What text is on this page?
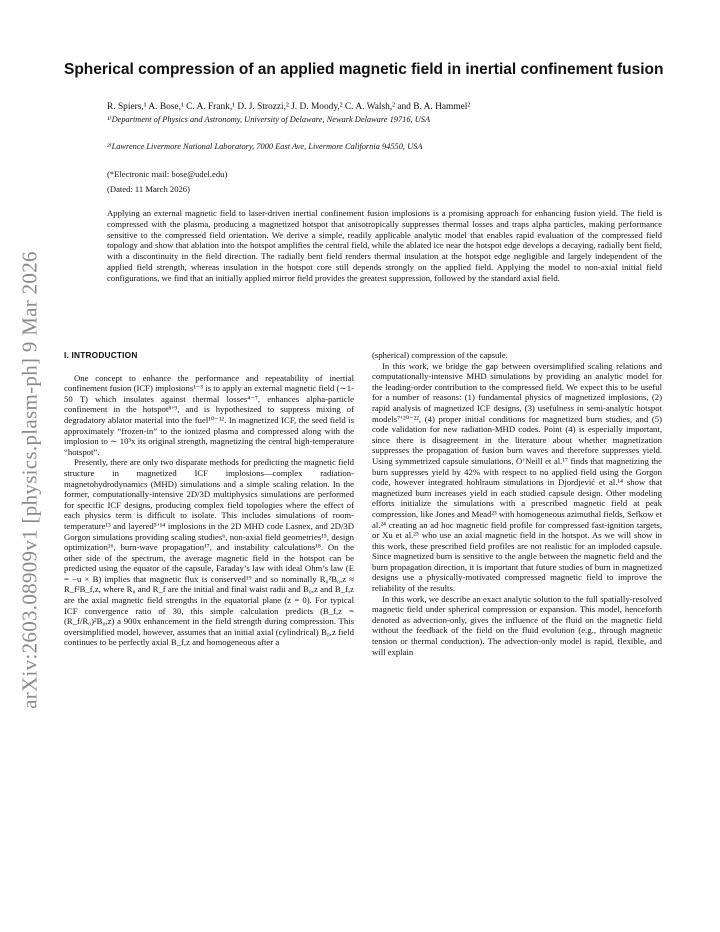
arXiv:2603.08909v1 [physics.plasm-ph] 9 Mar 2026
Spherical compression of an applied magnetic field in inertial confinement fusion
R. Spiers,¹ A. Bose,¹ C. A. Frank,¹ D. J. Strozzi,² J. D. Moody,² C. A. Walsh,² and B. A. Hammel²
¹⁾Department of Physics and Astronomy, University of Delaware, Newark Delaware 19716, USA
²⁾Lawrence Livermore National Laboratory, 7000 East Ave, Livermore California 94550, USA
(*Electronic mail: bose@udel.edu)
(Dated: 11 March 2026)

Applying an external magnetic field to laser-driven inertial confinement fusion implosions is a promising approach for enhancing fusion yield. The field is compressed with the plasma, producing a magnetized hotspot that anisotropically suppresses thermal losses and traps alpha particles, making performance sensitive to the compressed field orientation. We derive a simple, readily applicable analytic model that enables rapid evaluation of the compressed field topology and show that ablation into the hotspot amplifies the central field, while the ablated ice near the hotspot edge develops a decaying, radially bent field, with a discontinuity in the field direction. The radially bent field renders thermal insulation at the hotspot edge negligible and largely independent of the applied field strength, whereas insulation in the hotspot core still depends strongly on the applied field. Applying the model to non-axial initial field configurations, we find that an initially applied mirror field provides the greatest suppression, followed by the standard axial field.

I. INTRODUCTION

One concept to enhance the performance and repeatability of inertial confinement fusion (ICF) implosions¹⁻³ is to apply an external magnetic field (∼1-50 T) which insulates against thermal losses⁴⁻⁷, enhances alpha-particle confinement in the hotspot⁸ʼ⁹, and is hypothesized to suppress mixing of degradatory ablator material into the fuel¹⁰⁻¹². In magnetized ICF, the seed field is approximately “frozen-in” to the ionized plasma and compressed along with the implosion to ∼ 10³x its original strength, magnetizing the central high-temperature “hotspot”.

Presently, there are only two disparate methods for predicting the magnetic field structure in magnetized ICF implosions—complex radiation-magnetohydrodynamics (MHD) simulations and a simple scaling relation. In the former, computationally-intensive 2D/3D multiphysics simulations are performed for specific ICF designs, producing complex field topologies where the effect of each physics term is difficult to isolate. This includes simulations of room-temperature¹³ and layered⁵ʼ¹⁴ implosions in the 2D MHD code Lasnex, and 2D/3D Gorgon simulations providing scaling studies⁶, non-axial field geometries¹⁵, design optimization¹⁶, burn-wave propagation¹⁷, and instability calculations¹⁸. On the other side of the spectrum, the average magnetic field in the hotspot can be predicted using the equator of the capsule, Faraday’s law with ideal Ohm’s law (E = −u × B) implies that magnetic flux is conserved¹⁹ and so nominally R₀²B₀,z ≈ R_f²B_f,z, where R₀ and R_f are the initial and final waist radii and B₀,z and B_f,z are the axial magnetic field strengths in the equatorial plane (z = 0). For typical ICF convergence ratio of 30, this simple calculation predicts (B_f,z = (R_f/R₀)²B₀,z) a 900x enhancement in the field strength during compression. This oversimplified model, however, assumes that an initial axial (cylindrical) B₀,z field continues to be perfectly axial B_f,z and homogeneous after a

(spherical) compression of the capsule.

In this work, we bridge the gap between oversimplified scaling relations and computationally-intensive MHD simulations by providing an analytic model for the leading-order contribution to the compressed field. We expect this to be useful for a number of reasons: (1) fundamental physics of magnetized implosions, (2) rapid analysis of magnetized ICF designs, (3) usefulness in semi-analytic hotspot models⁷ʼ²⁰⁻²², (4) proper initial conditions for magnetized burn studies, and (5) code validation for new radiation-MHD codes. Point (4) is especially important, since there is disagreement in the literature about whether magnetization suppresses the propagation of fusion burn waves and therefore suppresses yield. Using symmetrized capsule simulations, O’Neill et al.¹⁷ finds that magnetizing the burn suppresses yield by 42% with respect to no applied field using the Gorgon code, however integrated hohlraum simulations in Djordjević et al.¹⁴ show that magnetized burn increases yield in each studied capsule design. Other modeling efforts initialize the simulations with a prescribed magnetic field at peak compression, like Jones and Mead²³ with homogeneous azimuthal fields, Sefkow et al.²⁴ creating an ad hoc magnetic field profile for compressed fast-ignition targets, or Xu et al.²⁵ who use an axial magnetic field in the hotspot. As we will show in this work, these prescribed field profiles are not realistic for an imploded capsule. Since magnetized burn is sensitive to the angle between the magnetic field and the burn propagation direction, it is important that future studies of burn in magnetized designs use a physically-motivated compressed magnetic field to improve the reliability of the results.

In this work, we describe an exact analytic solution to the full spatially-resolved magnetic field under spherical compression or expansion. This model, henceforth denoted as advection-only, gives the influence of the fluid on the magnetic field without the feedback of the field on the fluid evolution (e.g., through magnetic tension or thermal conduction). The advection-only model is rapid, flexible, and will explain
